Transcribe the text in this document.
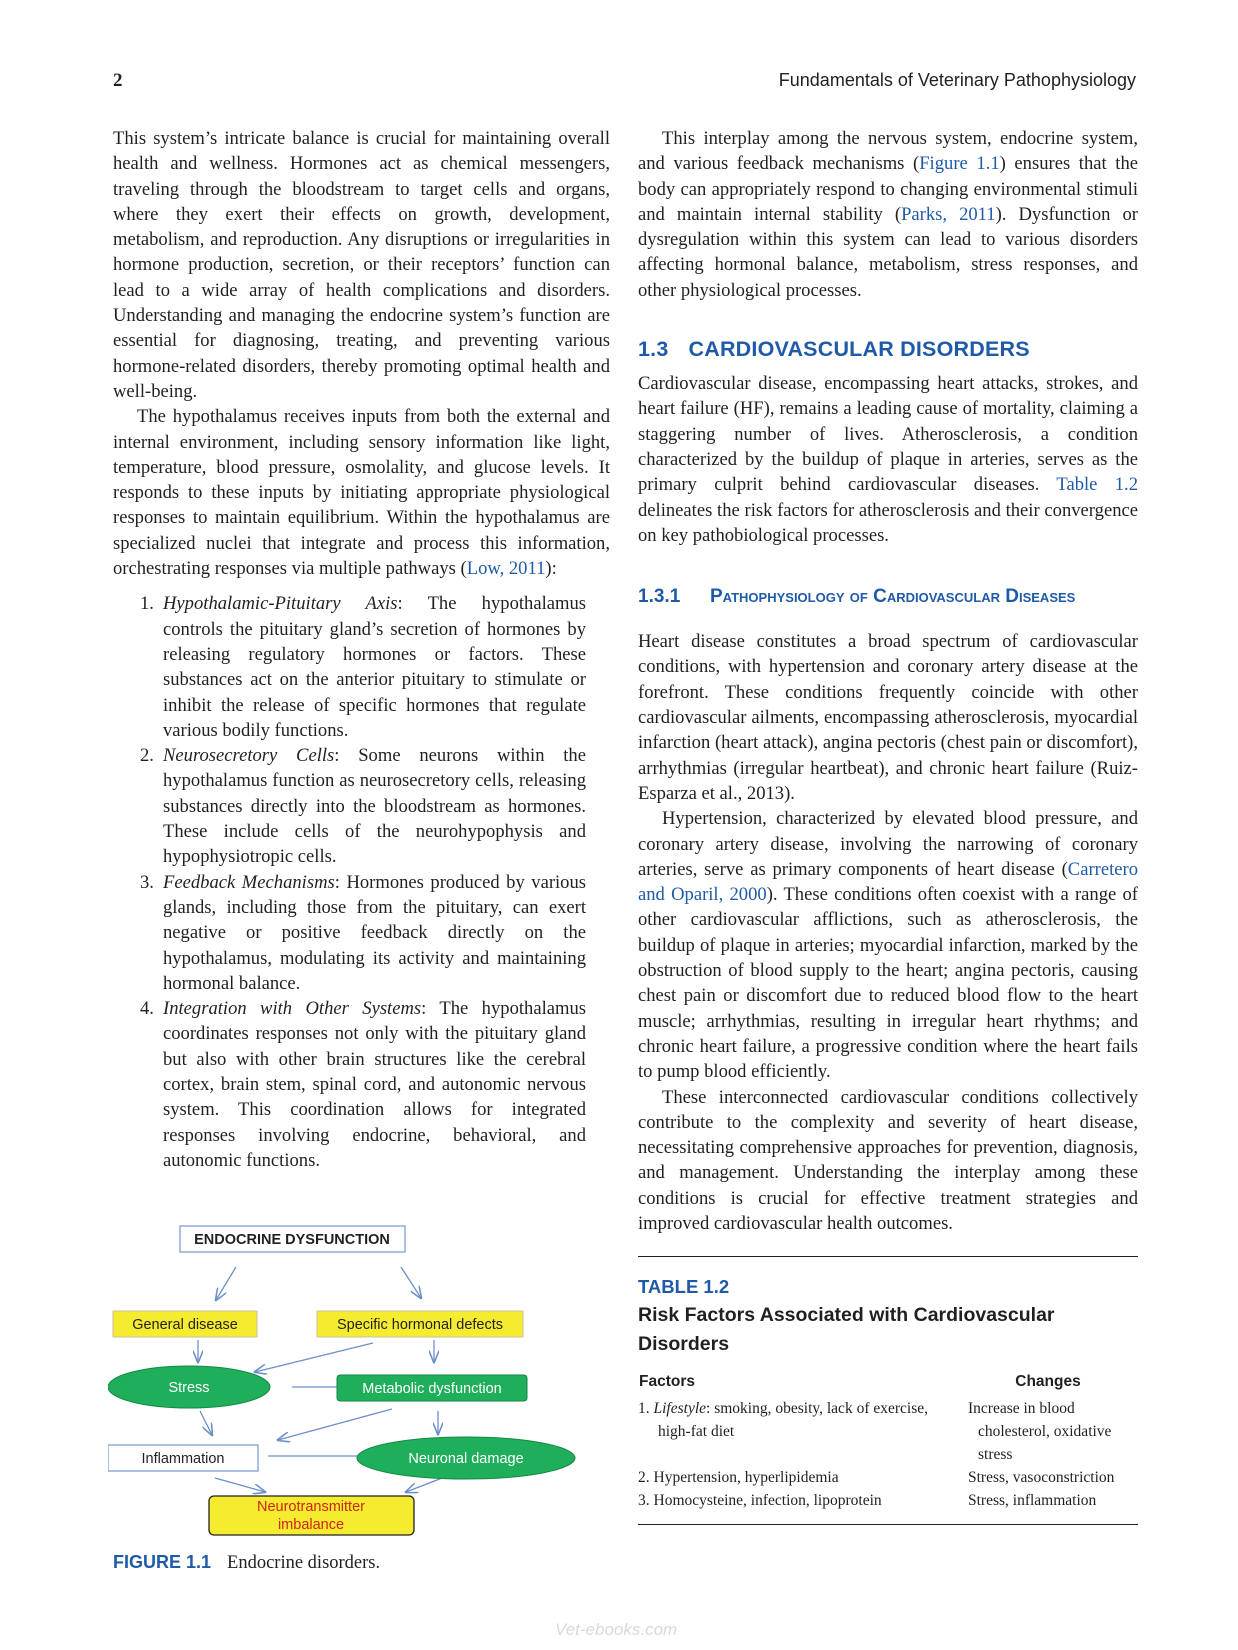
2	Fundamentals of Veterinary Pathophysiology

This system’s intricate balance is crucial for maintaining overall health and wellness. Hormones act as chemical messengers, traveling through the bloodstream to target cells and organs, where they exert their effects on growth, development, metabolism, and reproduction. Any disruptions or irregularities in hormone production, secretion, or their receptors’ function can lead to a wide array of health complications and disorders. Understanding and managing the endocrine system’s function are essential for diagnosing, treating, and preventing various hormone-related disorders, thereby promoting optimal health and well-being.

The hypothalamus receives inputs from both the external and internal environment, including sensory information like light, temperature, blood pressure, osmolality, and glucose levels. It responds to these inputs by initiating appropriate physiological responses to maintain equilibrium. Within the hypothalamus are specialized nuclei that integrate and process this information, orchestrating responses via multiple pathways (Low, 2011):

1. Hypothalamic-Pituitary Axis: The hypothalamus controls the pituitary gland’s secretion of hormones by releasing regulatory hormones or factors. These substances act on the anterior pituitary to stimulate or inhibit the release of specific hormones that regulate various bodily functions.
2. Neurosecretory Cells: Some neurons within the hypothalamus function as neurosecretory cells, releasing substances directly into the bloodstream as hormones. These include cells of the neurohypophysis and hypophysiotropic cells.
3. Feedback Mechanisms: Hormones produced by various glands, including those from the pituitary, can exert negative or positive feedback directly on the hypothalamus, modulating its activity and maintaining hormonal balance.
4. Integration with Other Systems: The hypothalamus coordinates responses not only with the pituitary gland but also with other brain structures like the cerebral cortex, brain stem, spinal cord, and autonomic nervous system. This coordination allows for integrated responses involving endocrine, behavioral, and autonomic functions.
ENDOCRINE DYSFUNCTION
General disease	Specific hormonal defects
Stress	Metabolic dysfunction
Inflammation	Neuronal damage
Neurotransmitter
imbalance
FIGURE 1.1 Endocrine disorders.

This interplay among the nervous system, endocrine system, and various feedback mechanisms (Figure 1.1) ensures that the body can appropriately respond to changing environmental stimuli and maintain internal stability (Parks, 2011). Dysfunction or dysregulation within this system can lead to various disorders affecting hormonal balance, metabolism, stress responses, and other physiological processes.

1.3 CARDIOVASCULAR DISORDERS

Cardiovascular disease, encompassing heart attacks, strokes, and heart failure (HF), remains a leading cause of mortality, claiming a staggering number of lives. Atherosclerosis, a condition characterized by the buildup of plaque in arteries, serves as the primary culprit behind cardiovascular diseases. Table 1.2 delineates the risk factors for atherosclerosis and their convergence on key pathobiological processes.

1.3.1	Pathophysiology of Cardiovascular Diseases

Heart disease constitutes a broad spectrum of cardiovascular conditions, with hypertension and coronary artery disease at the forefront. These conditions frequently coincide with other cardiovascular ailments, encompassing atherosclerosis, myocardial infarction (heart attack), angina pectoris (chest pain or discomfort), arrhythmias (irregular heartbeat), and chronic heart failure (Ruiz-Esparza et al., 2013).

Hypertension, characterized by elevated blood pressure, and coronary artery disease, involving the narrowing of coronary arteries, serve as primary components of heart disease (Carretero and Oparil, 2000). These conditions often coexist with a range of other cardiovascular afflictions, such as atherosclerosis, the buildup of plaque in arteries; myocardial infarction, marked by the obstruction of blood supply to the heart; angina pectoris, causing chest pain or discomfort due to reduced blood flow to the heart muscle; arrhythmias, resulting in irregular heart rhythms; and chronic heart failure, a progressive condition where the heart fails to pump blood efficiently.

These interconnected cardiovascular conditions collectively contribute to the complexity and severity of heart disease, necessitating comprehensive approaches for prevention, diagnosis, and management. Understanding the interplay among these conditions is crucial for effective treatment strategies and improved cardiovascular health outcomes.

TABLE 1.2
Risk Factors Associated with Cardiovascular Disorders
Factors	Changes
1. Lifestyle: smoking, obesity, lack of exercise, high-fat diet	Increase in blood cholesterol, oxidative stress
2. Hypertension, hyperlipidemia	Stress, vasoconstriction
3. Homocysteine, infection, lipoprotein	Stress, inflammation
Vet-ebooks.com
